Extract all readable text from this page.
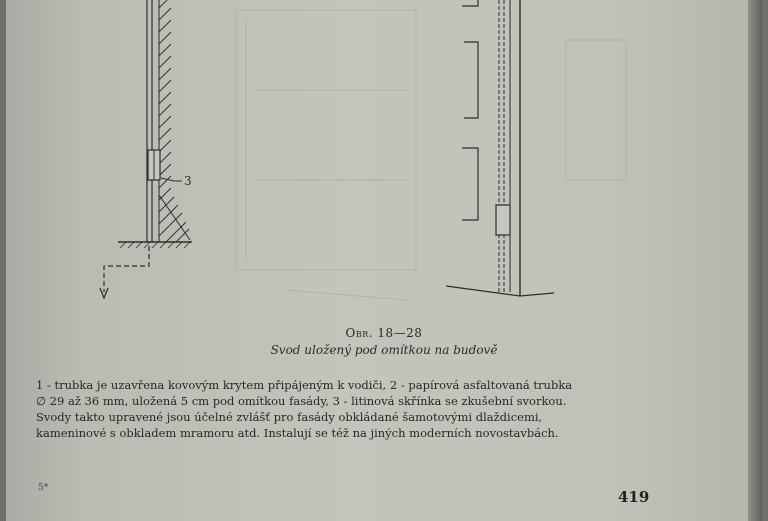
3
Obr. 18—28
Svod uložený pod omítkou na budově
1 - trubka je uzavřena kovovým krytem připájeným k vodiči, 2 - papírová asfaltovaná trubka
∅ 29 až 36 mm, uložená 5 cm pod omítkou fasády, 3 - litinová skřínka se zkušební svorkou.
Svody takto upravené jsou účelné zvlášť pro fasády obkládané šamotovými dlaždicemi,
kameninové s obkladem mramoru atd. Instalují se též na jiných moderních novostavbách.
5*	419
